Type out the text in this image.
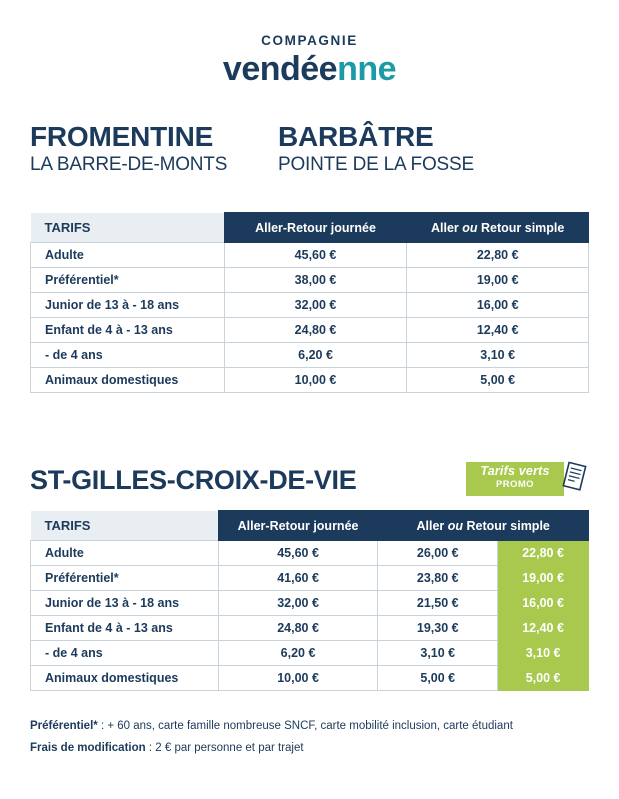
COMPAGNIE
vendéenne
FROMENTINE
LA BARRE-DE-MONTS
BARBÂTRE
POINTE DE LA FOSSE
TARIFS	Aller-Retour journée	Aller ou Retour simple
Adulte	45,60 €	22,80 €
Préférentiel*	38,00 €	19,00 €
Junior de 13 à - 18 ans	32,00 €	16,00 €
Enfant de 4 à - 13 ans	24,80 €	12,40 €
- de 4 ans	6,20 €	3,10 €
Animaux domestiques	10,00 €	5,00 €
ST-GILLES-CROIX-DE-VIE	Tarifs verts
PROMO
TARIFS	Aller-Retour journée	Aller ou Retour simple	
Adulte	45,60 €	26,00 €	22,80 €
Préférentiel*	41,60 €	23,80 €	19,00 €
Junior de 13 à - 18 ans	32,00 €	21,50 €	16,00 €
Enfant de 4 à - 13 ans	24,80 €	19,30 €	12,40 €
- de 4 ans	6,20 €	3,10 €	3,10 €
Animaux domestiques	10,00 €	5,00 €	5,00 €
Préférentiel* : + 60 ans, carte famille nombreuse SNCF, carte mobilité inclusion, carte étudiant
Frais de modification : 2 € par personne et par trajet
